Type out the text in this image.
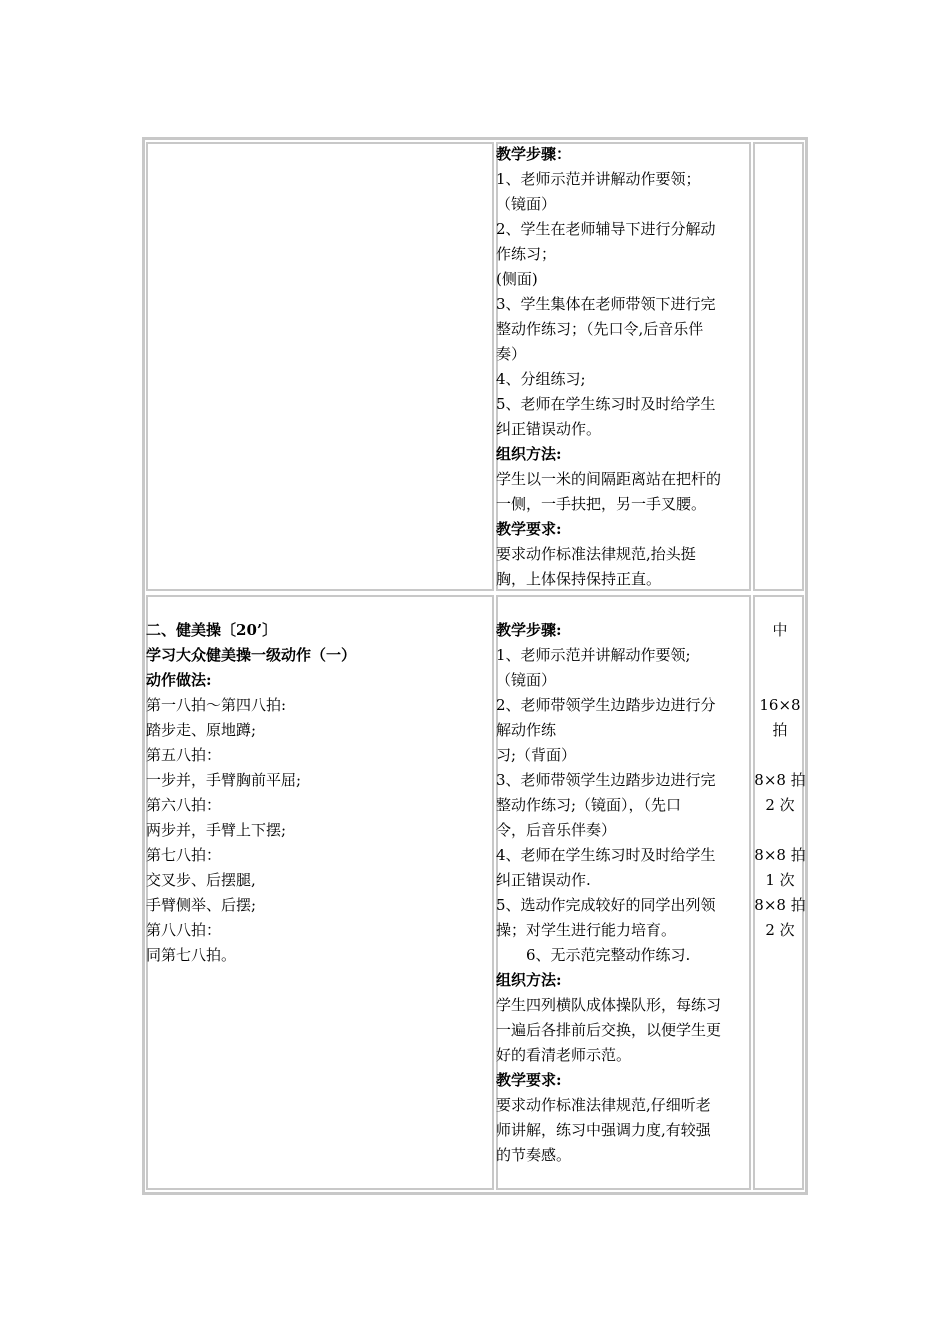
教学步骤：
1、老师示范并讲解动作要领；
（镜面）
2、学生在老师辅导下进行分解动
作练习；
(侧面)
3、学生集体在老师带领下进行完
整动作练习；（先口令,后音乐伴
奏）
4、分组练习;
5、老师在学生练习时及时给学生
纠正错误动作。
组织方法:
学生以一米的间隔距离站在把杆的
一侧，一手扶把，另一手叉腰。
教学要求:
要求动作标准法律规范,抬头挺
胸，上体保持保持正直。
二、健美操〔20’〕
学习大众健美操一级动作（一）
动作做法:
第一八拍～第四八拍:
踏步走、原地蹲;
第五八拍：
一步并，手臂胸前平屈;
第六八拍：
两步并，手臂上下摆;
第七八拍：
交叉步、后摆腿,
手臂侧举、后摆;
第八八拍：
同第七八拍。
教学步骤:
1、老师示范并讲解动作要领;
（镜面）
2、老师带领学生边踏步边进行分
解动作练
习;（背面）
3、老师带领学生边踏步边进行完
整动作练习;（镜面），（先口
令，后音乐伴奏）
4、老师在学生练习时及时给学生
纠正错误动作.
5、选动作完成较好的同学出列领
操；对学生进行能力培育。
6、无示范完整动作练习.
组织方法:
学生四列横队成体操队形，每练习
一遍后各排前后交换，以便学生更
好的看清老师示范。
教学要求:
要求动作标准法律规范,仔细听老
师讲解，练习中强调力度,有较强
的节奏感。
中
16×8
拍
8×8 拍
2 次
8×8 拍
1 次
8×8 拍
2 次
